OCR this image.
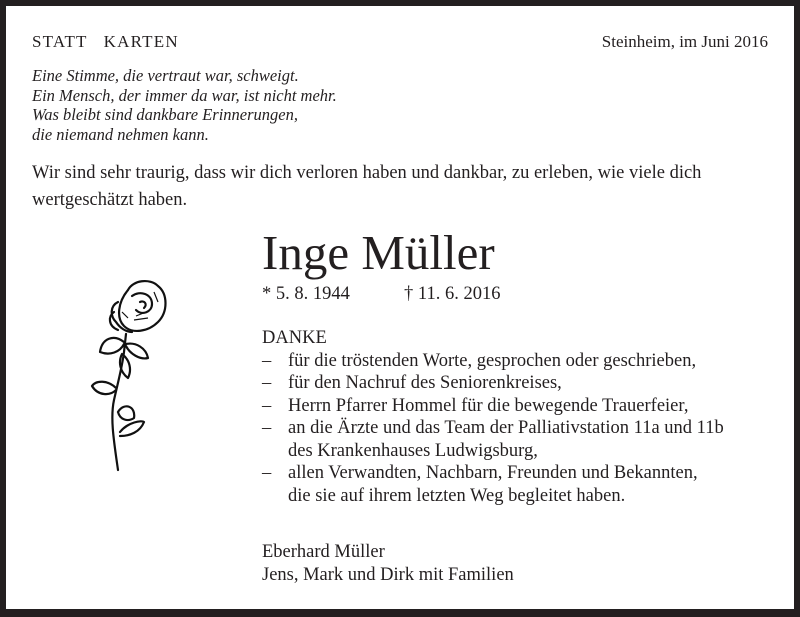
STATT   KARTEN	Steinheim, im Juni 2016
Eine Stimme, die vertraut war, schweigt.
Ein Mensch, der immer da war, ist nicht mehr.
Was bleibt sind dankbare Erinnerungen,
die niemand nehmen kann.
Wir sind sehr traurig, dass wir dich verloren haben und dankbar, zu erleben, wie viele dich wertgeschätzt haben.
Inge Müller
* 5. 8. 1944	† 11. 6. 2016
DANKE
– für die tröstenden Worte, gesprochen oder geschrieben,
– für den Nachruf des Seniorenkreises,
– Herrn Pfarrer Hommel für die bewegende Trauerfeier,
– an die Ärzte und das Team der Palliativstation 11a und 11b
des Krankenhauses Ludwigsburg,
– allen Verwandten, Nachbarn, Freunden und Bekannten,
die sie auf ihrem letzten Weg begleitet haben.
Eberhard Müller
Jens, Mark und Dirk mit Familien
